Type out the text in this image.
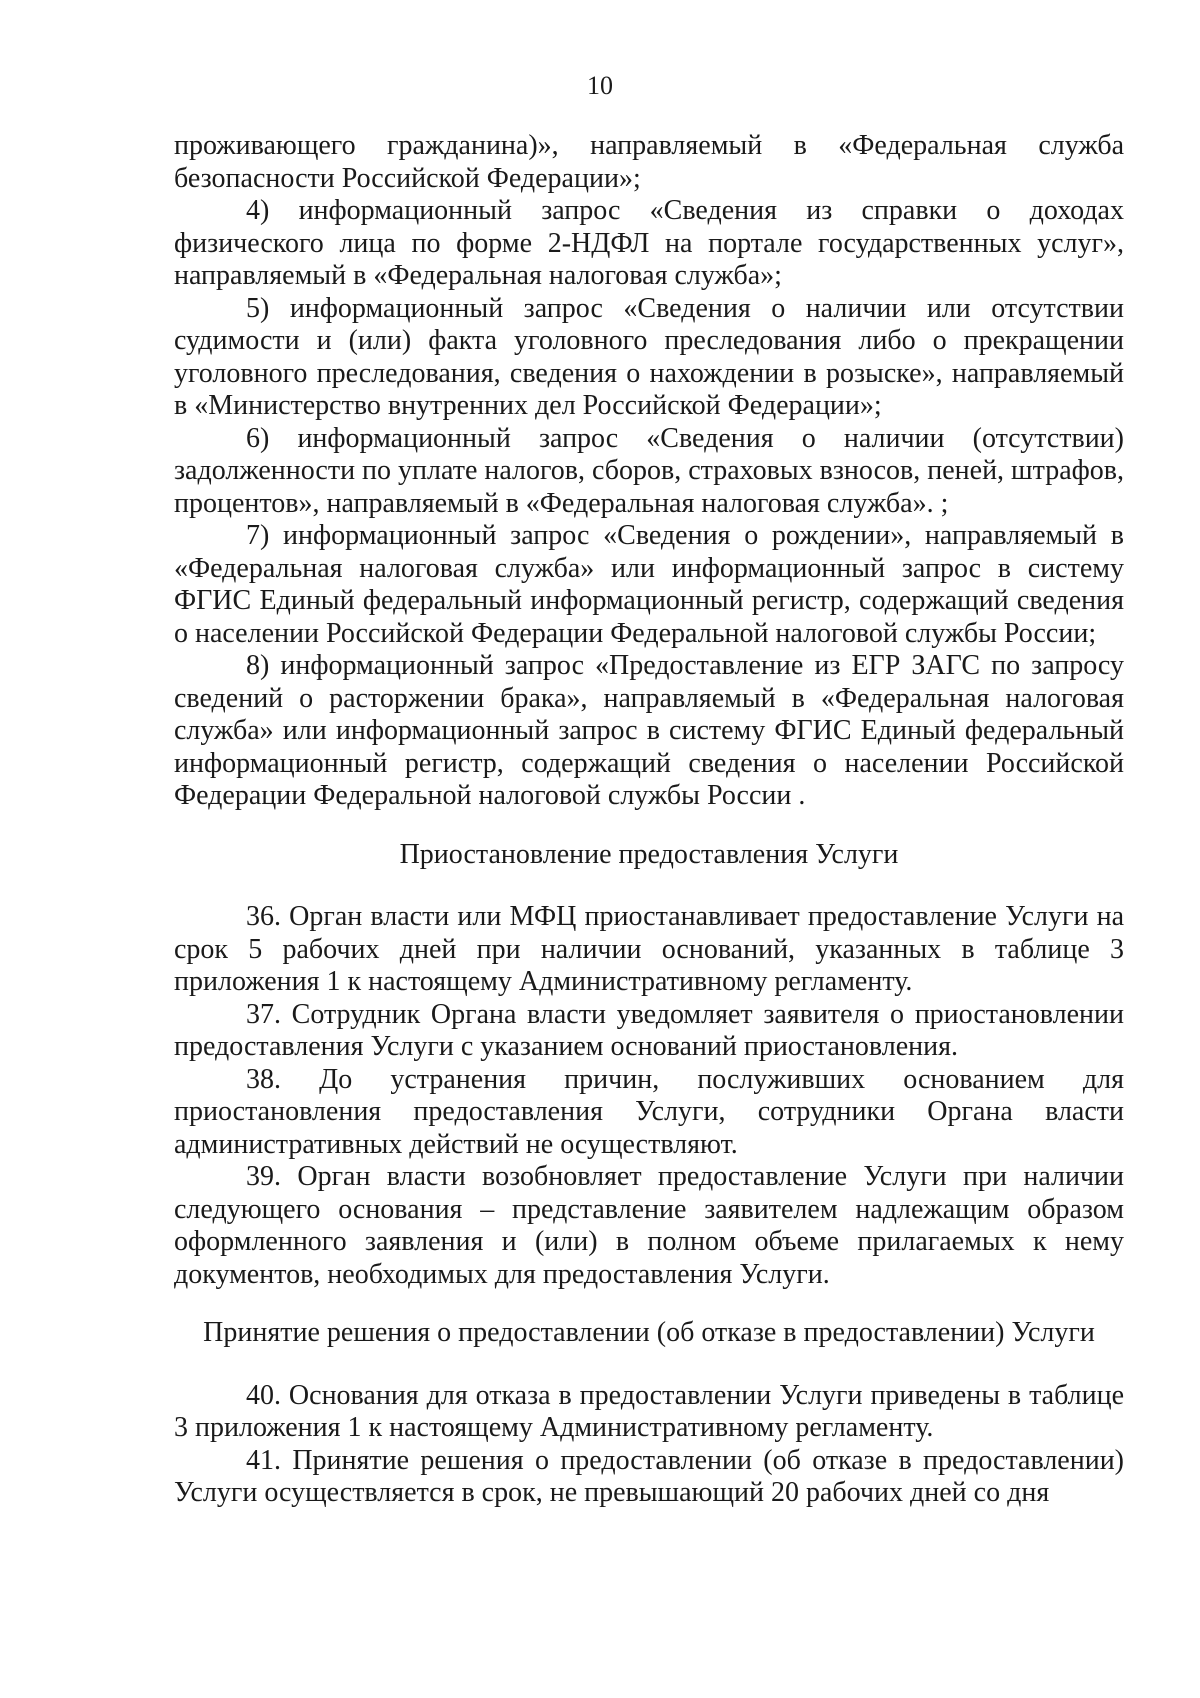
10

проживающего гражданина)», направляемый в «Федеральная служба безопасности Российской Федерации»;

4) информационный запрос «Сведения из справки о доходах физического лица по форме 2-НДФЛ на портале государственных услуг», направляемый в «Федеральная налоговая служба»;

5) информационный запрос «Сведения о наличии или отсутствии судимости и (или) факта уголовного преследования либо о прекращении уголовного преследования, сведения о нахождении в розыске», направляемый в «Министерство внутренних дел Российской Федерации»;

6) информационный запрос «Сведения о наличии (отсутствии) задолженности по уплате налогов, сборов, страховых взносов, пеней, штрафов, процентов», направляемый в «Федеральная налоговая служба». ;

7) информационный запрос «Сведения о рождении», направляемый в «Федеральная налоговая служба» или информационный запрос в систему ФГИС Единый федеральный информационный регистр, содержащий сведения о населении Российской Федерации Федеральной налоговой службы России;

8) информационный запрос «Предоставление из ЕГР ЗАГС по запросу сведений о расторжении брака», направляемый в «Федеральная налоговая служба» или информационный запрос в систему ФГИС Единый федеральный информационный регистр, содержащий сведения о населении Российской Федерации Федеральной налоговой службы России .

Приостановление предоставления Услуги

36. Орган власти или МФЦ приостанавливает предоставление Услуги на срок 5 рабочих дней при наличии оснований, указанных в таблице 3 приложения 1 к настоящему Административному регламенту.

37. Сотрудник Органа власти уведомляет заявителя о приостановлении предоставления Услуги с указанием оснований приостановления.

38. До устранения причин, послуживших основанием для приостановления предоставления Услуги, сотрудники Органа власти административных действий не осуществляют.

39. Орган власти возобновляет предоставление Услуги при наличии следующего основания – представление заявителем надлежащим образом оформленного заявления и (или) в полном объеме прилагаемых к нему документов, необходимых для предоставления Услуги.

Принятие решения о предоставлении (об отказе в предоставлении) Услуги

40. Основания для отказа в предоставлении Услуги приведены в таблице 3 приложения 1 к настоящему Административному регламенту.

41. Принятие решения о предоставлении (об отказе в предоставлении) Услуги осуществляется в срок, не превышающий 20 рабочих дней со дня
